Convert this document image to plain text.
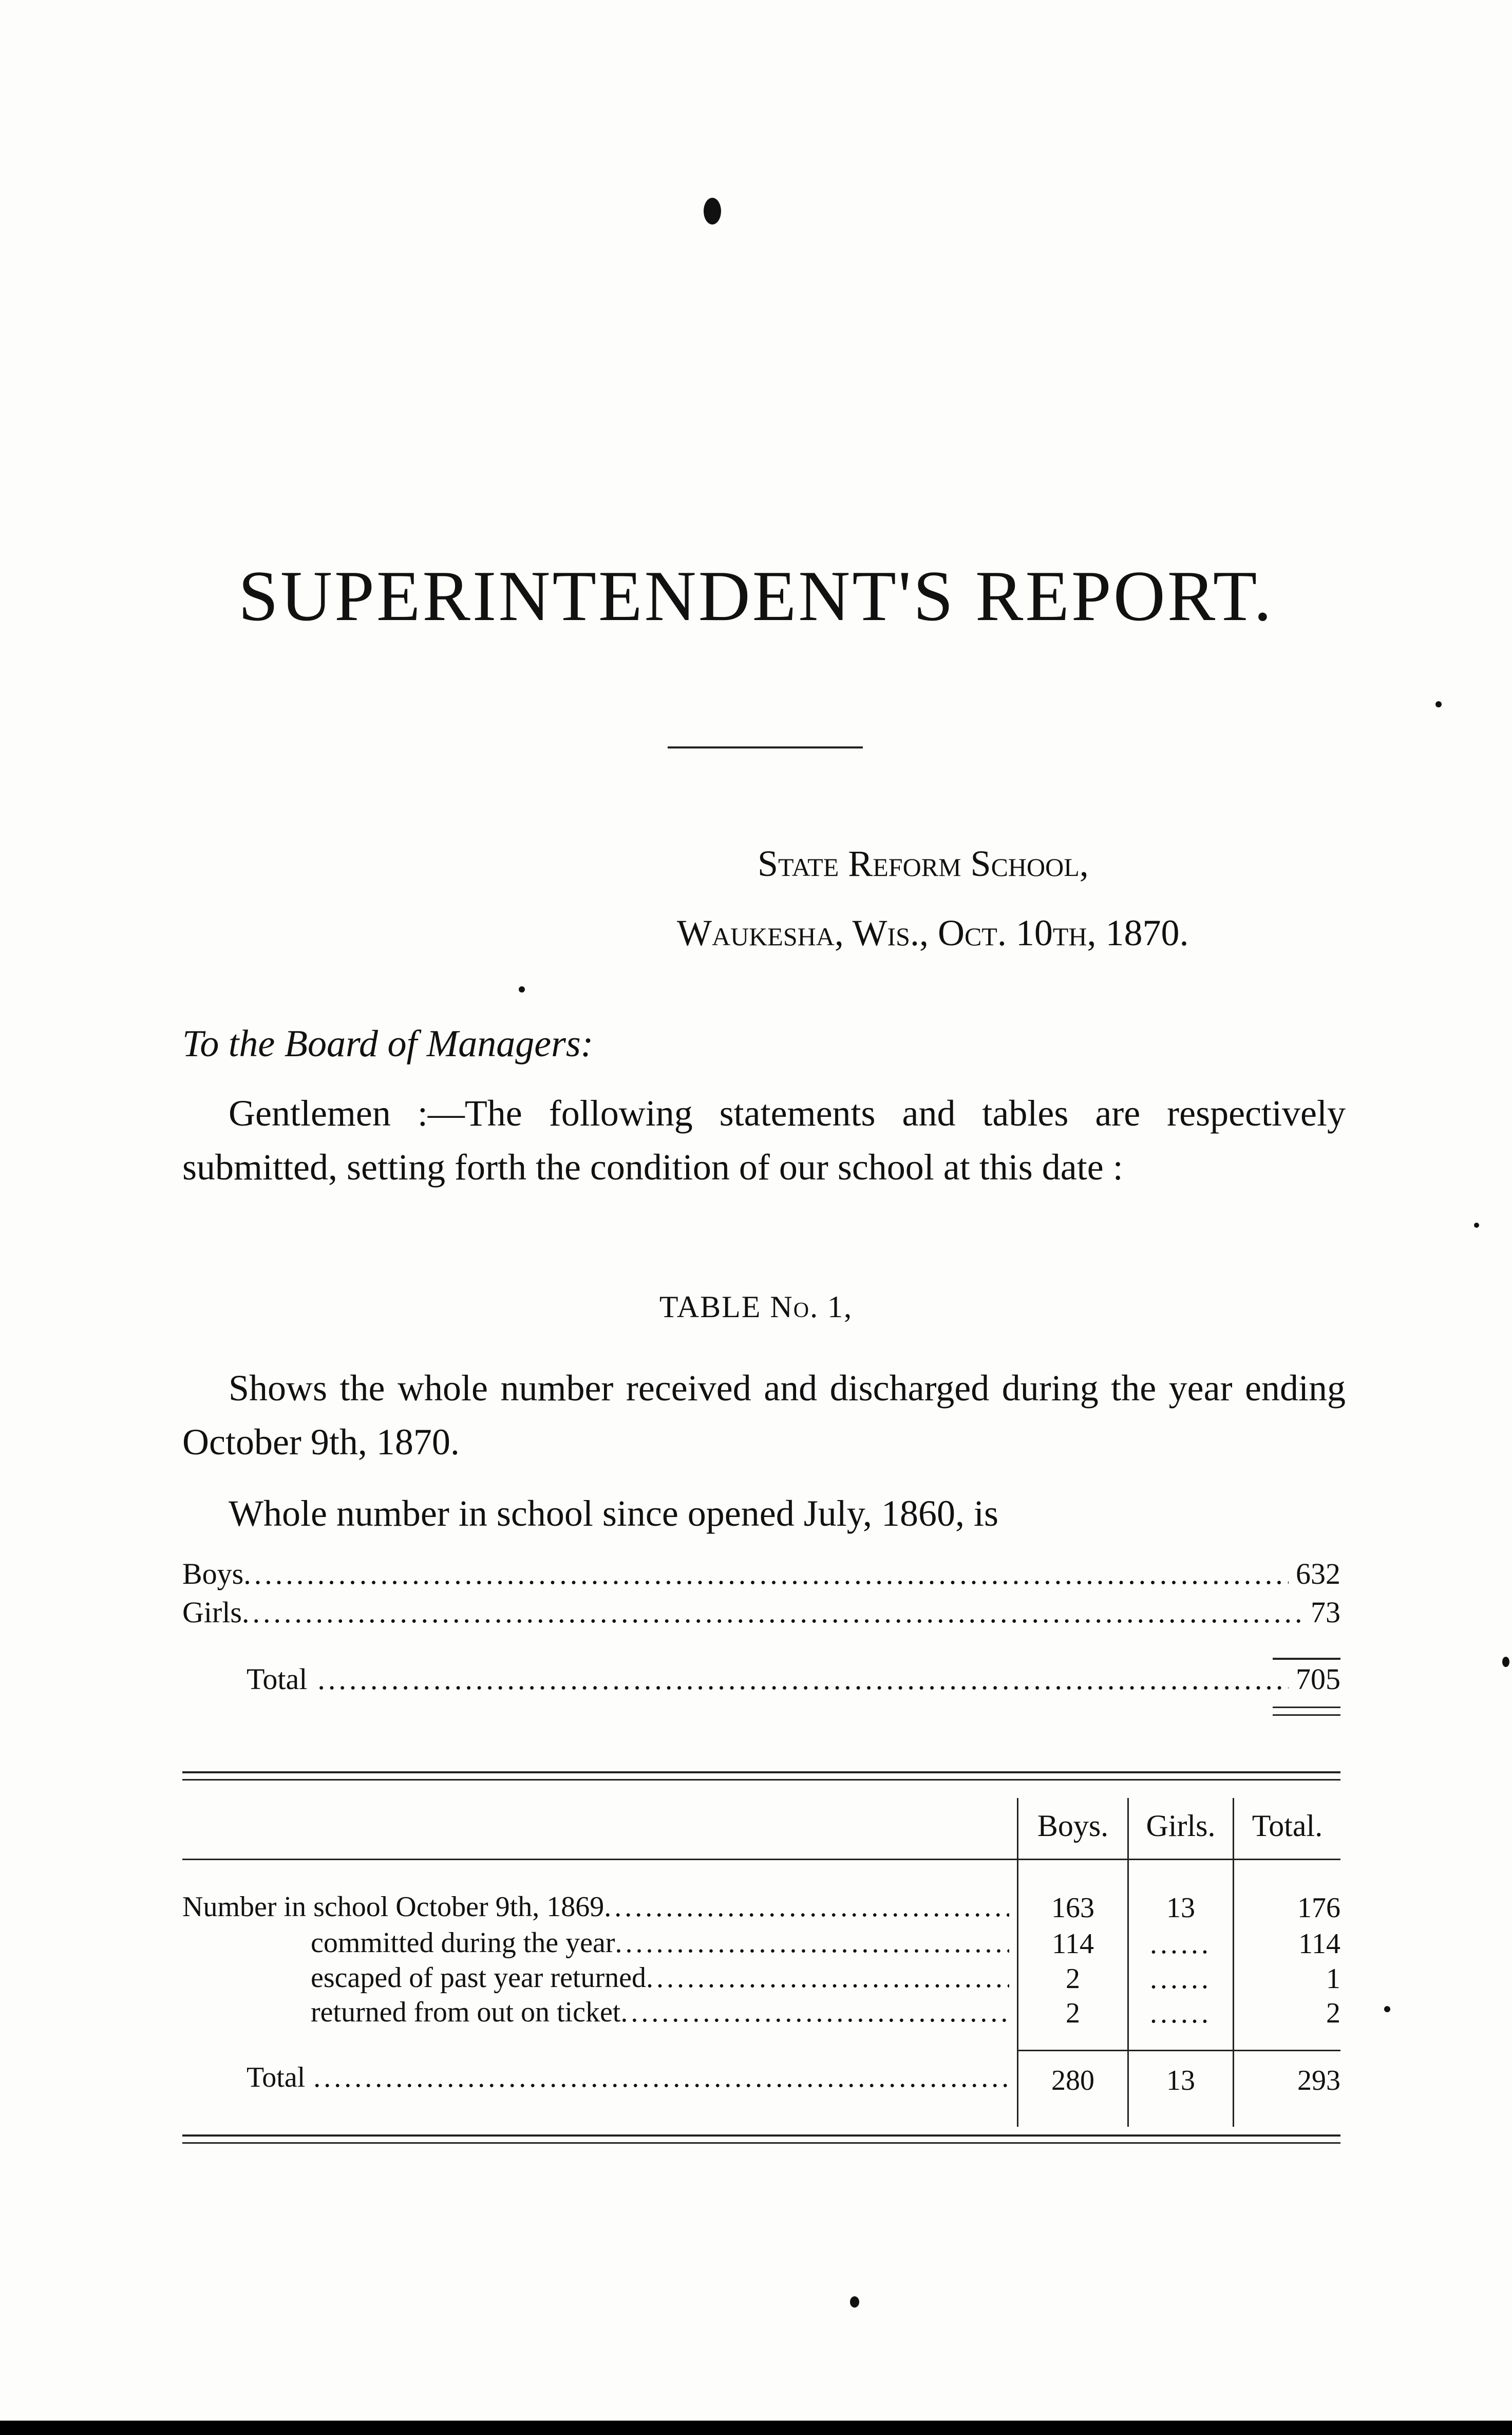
SUPERINTENDENT'S REPORT.
State Reform School,
Waukesha, Wis., Oct. 10th, 1870.
To the Board of Managers:
Gentlemen :—The following statements and tables are respectively submitted, setting forth the condition of our school at this date :
TABLE No. 1,
Shows the whole number received and discharged during the year ending October 9th, 1870.
Whole number in school since opened July, 1860, is
Boys .....	632
Girls .....	73
Total .....	705
Boys.	Girls.	Total.
Number in school October 9th, 1869 .....	163	13	176
committed during the year .....	114	......	114
escaped of past year returned .....	2	......	1
returned from out on ticket .....	2	......	2
Total .....	280	13	293
